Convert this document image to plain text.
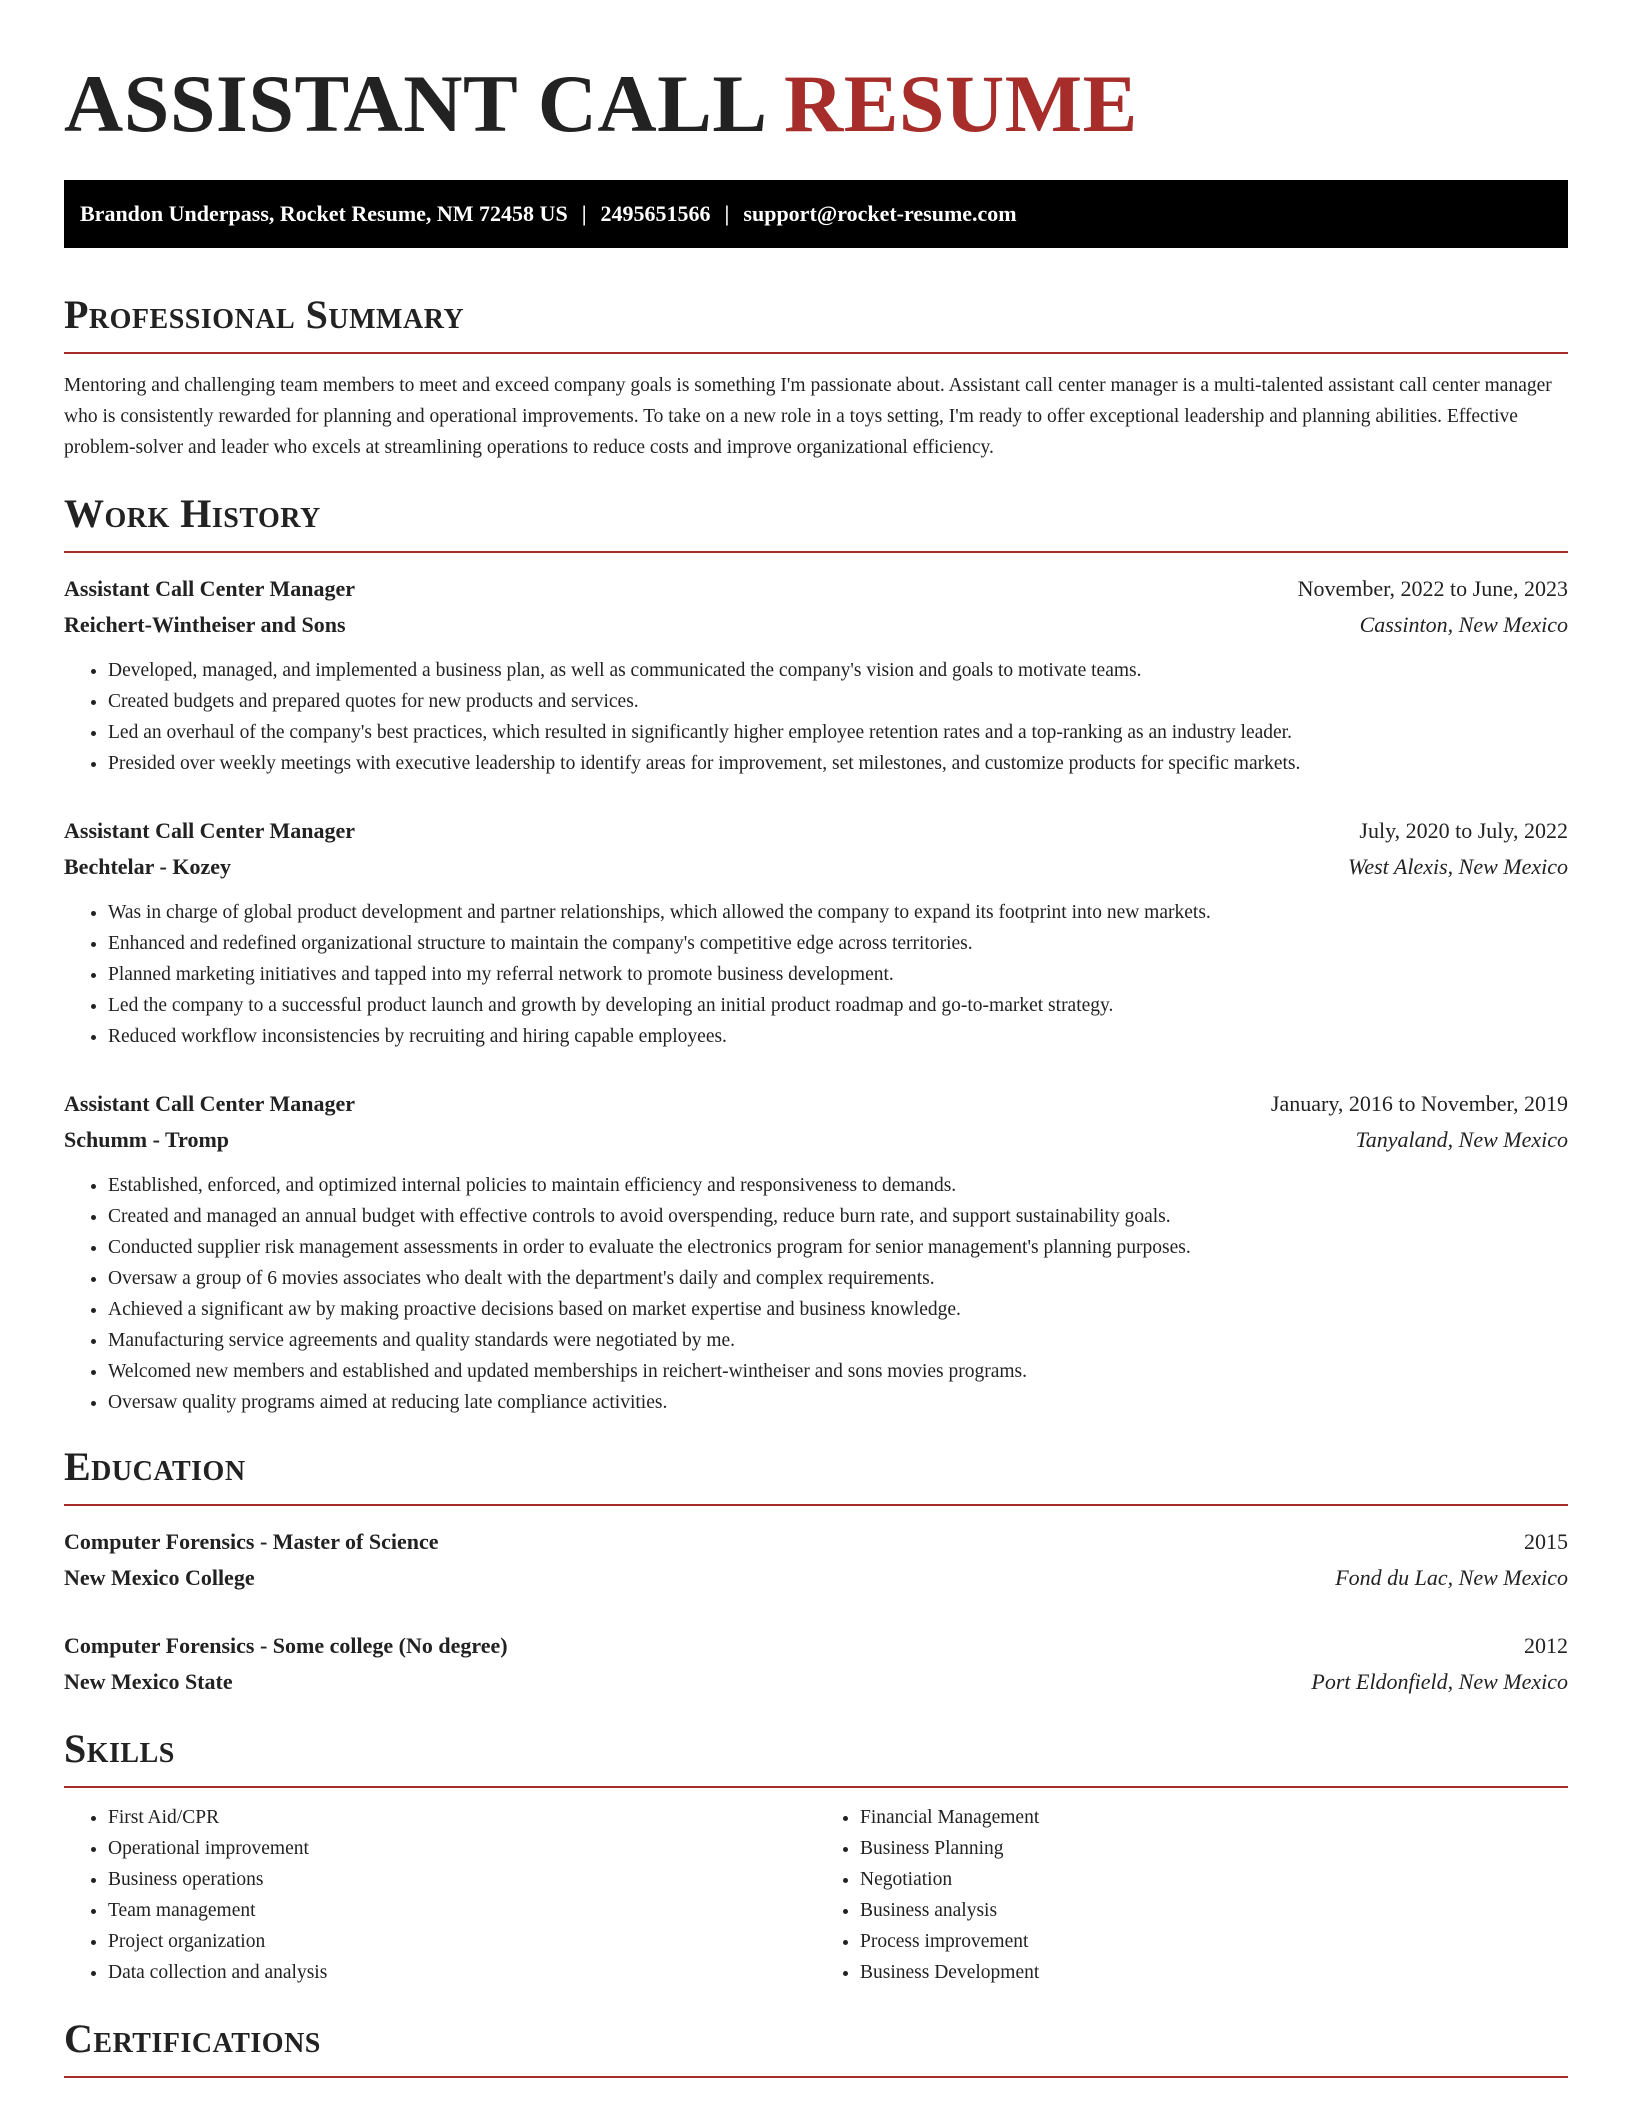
ASSISTANT CALL RESUME
Brandon Underpass, Rocket Resume, NM 72458 US | 2495651566 | support@rocket-resume.com
Professional Summary

Mentoring and challenging team members to meet and exceed company goals is something I'm passionate about. Assistant call center manager is a multi-talented assistant call center manager who is consistently rewarded for planning and operational improvements. To take on a new role in a toys setting, I'm ready to offer exceptional leadership and planning abilities. Effective problem-solver and leader who excels at streamlining operations to reduce costs and improve organizational efficiency.

Work History
Assistant Call Center Manager	November, 2022 to June, 2023
Reichert-Wintheiser and Sons	Cassinton, New Mexico
• Developed, managed, and implemented a business plan, as well as communicated the company's vision and goals to motivate teams.
• Created budgets and prepared quotes for new products and services.
• Led an overhaul of the company's best practices, which resulted in significantly higher employee retention rates and a top-ranking as an industry leader.
• Presided over weekly meetings with executive leadership to identify areas for improvement, set milestones, and customize products for specific markets.
Assistant Call Center Manager	July, 2020 to July, 2022
Bechtelar - Kozey	West Alexis, New Mexico
• Was in charge of global product development and partner relationships, which allowed the company to expand its footprint into new markets.
• Enhanced and redefined organizational structure to maintain the company's competitive edge across territories.
• Planned marketing initiatives and tapped into my referral network to promote business development.
• Led the company to a successful product launch and growth by developing an initial product roadmap and go-to-market strategy.
• Reduced workflow inconsistencies by recruiting and hiring capable employees.
Assistant Call Center Manager	January, 2016 to November, 2019
Schumm - Tromp	Tanyaland, New Mexico
• Established, enforced, and optimized internal policies to maintain efficiency and responsiveness to demands.
• Created and managed an annual budget with effective controls to avoid overspending, reduce burn rate, and support sustainability goals.
• Conducted supplier risk management assessments in order to evaluate the electronics program for senior management's planning purposes.
• Oversaw a group of 6 movies associates who dealt with the department's daily and complex requirements.
• Achieved a significant aw by making proactive decisions based on market expertise and business knowledge.
• Manufacturing service agreements and quality standards were negotiated by me.
• Welcomed new members and established and updated memberships in reichert-wintheiser and sons movies programs.
• Oversaw quality programs aimed at reducing late compliance activities.
Education
Computer Forensics - Master of Science	2015
New Mexico College	Fond du Lac, New Mexico
Computer Forensics - Some college (No degree)	2012
New Mexico State	Port Eldonfield, New Mexico
Skills
• First Aid/CPR
• Operational improvement
• Business operations
• Team management
• Project organization
• Data collection and analysis
• Financial Management
• Business Planning
• Negotiation
• Business analysis
• Process improvement
• Business Development
Certifications
